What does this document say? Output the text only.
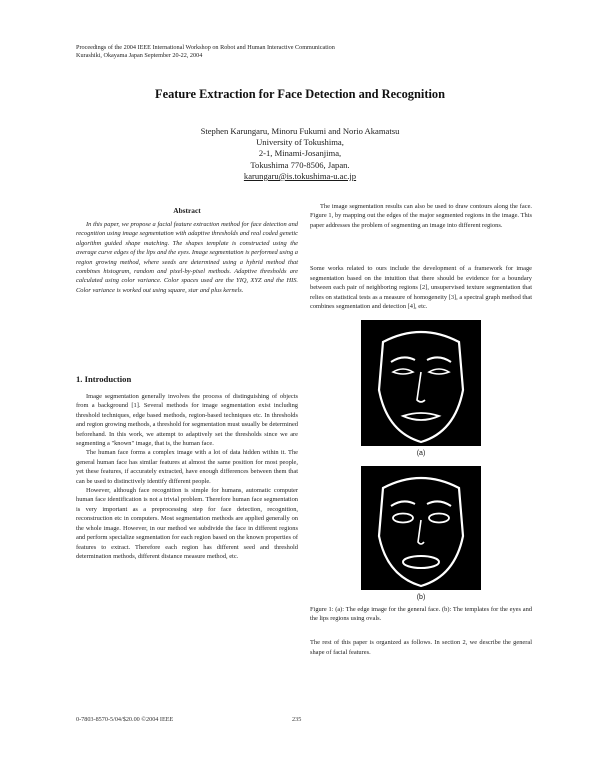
Proceedings of the 2004 IEEE International Workshop on Robot and Human Interactive Communication Kurashiki, Okayama Japan September 20-22, 2004
Feature Extraction for Face Detection and Recognition
Stephen Karungaru, Minoru Fukumi and Norio Akamatsu
University of Tokushima,
2-1, Minami-Josanjima,
Tokushima 770-8506, Japan.
karungaru@is.tokushima-u.ac.jp
Abstract
In this paper, we propose a facial feature extraction method for face detection and recognition using image segmentation with adaptive thresholds and real coded genetic algorithm guided shape matching. The shapes template is constructed using the average curve edges of the lips and the eyes. Image segmentation is performed using a region growing method, where seeds are determined using a hybrid method that combines histogram, random and pixel-by-pixel methods. Adaptive thresholds are calculated using color variance. Color spaces used are the YIQ, XYZ and the HIS. Color variance is worked out using square, star and plus kernels.
1. Introduction

Image segmentation generally involves the process of distinguishing of objects from a background [1]. Several methods for image segmentation exist including threshold techniques, edge based methods, region-based techniques etc. In thresholds and region growing methods, a threshold for segmentation must usually be determined beforehand. In this work, we attempt to adaptively set the thresholds since we are segmenting a "known" image, that is, the human face.

The human face forms a complex image with a lot of data hidden within it. The general human face has similar features at almost the same position for most people, yet these features, if accurately extracted, have enough differences between them that can be used to distinctively identify different people.

However, although face recognition is simple for humans, automatic computer human face identification is not a trivial problem. Therefore human face segmentation is very important as a preprocessing step for face detection, recognition, reconstruction etc in computers. Most segmentation methods are applied generally on the whole image. However, in our method we subdivide the face in different regions and perform specialize segmentation for each region based on the known properties of features to extract. Therefore each region has different seed and threshold determination methods, different distance measure method, etc.

The image segmentation results can also be used to draw contours along the face. Figure 1, by mapping out the edges of the major segmented regions in the image. This paper addresses the problem of segmenting an image into different regions.

Some works related to ours include the development of a framework for image segmentation based on the intuition that there should be evidence for a boundary between each pair of neighboring regions [2], unsupervised texture segmentation that relies on statistical tests as a measure of homogeneity [3], a spectral graph method that combines segmentation and detection [4], etc.

(a)
(b)
Figure 1: (a): The edge image for the general face. (b): The templates for the eyes and the lips regions using ovals.

The rest of this paper is organized as follows. In section 2, we describe the general shape of facial features.

0-7803-8570-5/04/$20.00 ©2004 IEEE	235
